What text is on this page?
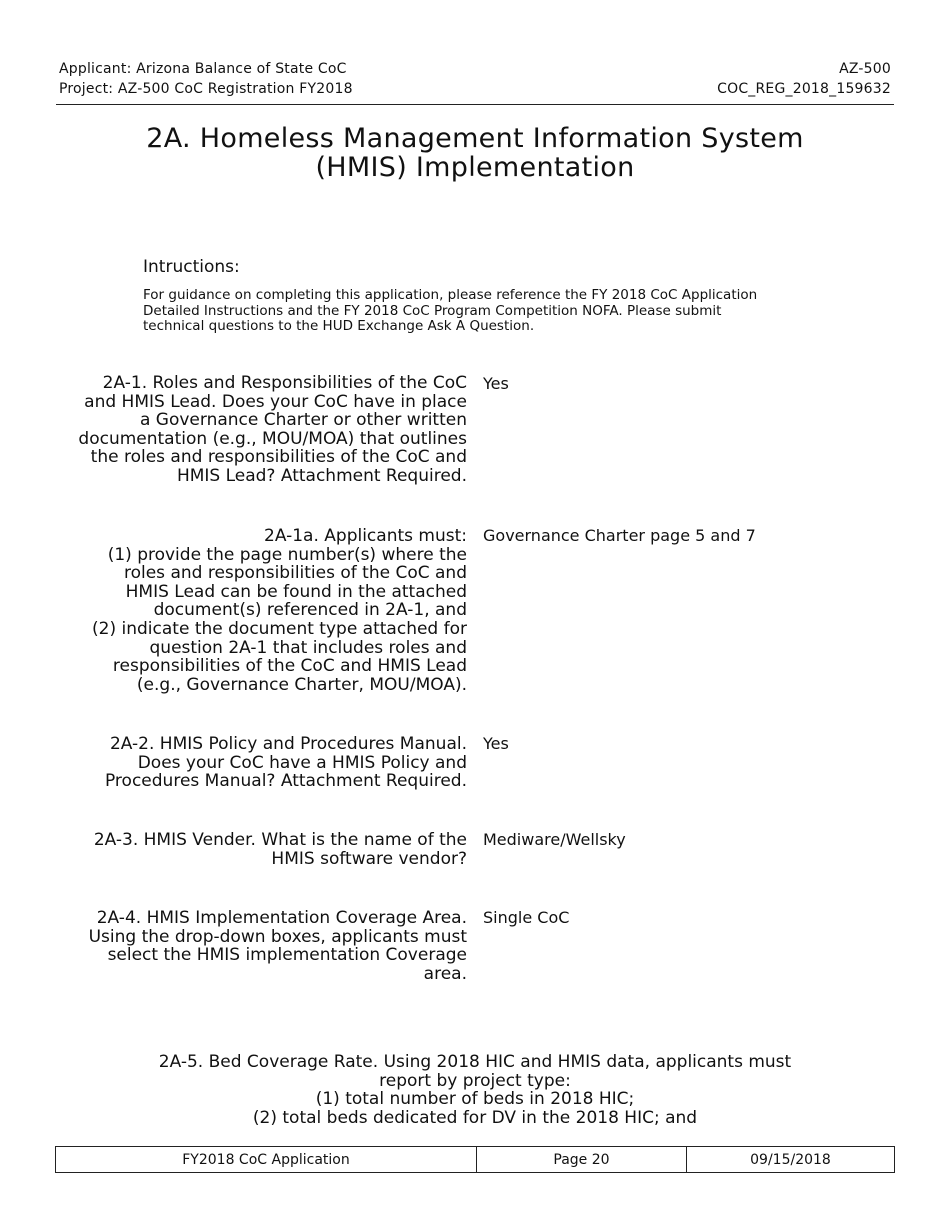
Applicant: Arizona Balance of State CoC
Project: AZ-500 CoC Registration FY2018
AZ-500
COC_REG_2018_159632
2A. Homeless Management Information System
(HMIS) Implementation
Intructions:
For guidance on completing this application, please reference the FY 2018 CoC Application
Detailed Instructions and the FY 2018 CoC Program Competition NOFA. Please submit
technical questions to the HUD Exchange Ask A Question.
2A-1. Roles and Responsibilities of the CoC
and HMIS Lead. Does your CoC have in place
a Governance Charter or other written
documentation (e.g., MOU/MOA) that outlines
the roles and responsibilities of the CoC and
HMIS Lead? Attachment Required.
Yes
2A-1a. Applicants must:
(1) provide the page number(s) where the
roles and responsibilities of the CoC and
HMIS Lead can be found in the attached
document(s) referenced in 2A-1, and
(2) indicate the document type attached for
question 2A-1 that includes roles and
responsibilities of the CoC and HMIS Lead
(e.g., Governance Charter, MOU/MOA).
Governance Charter page 5 and 7
2A-2. HMIS Policy and Procedures Manual.
Does your CoC have a HMIS Policy and
Procedures Manual? Attachment Required.
Yes
2A-3. HMIS Vender. What is the name of the
HMIS software vendor?
Mediware/Wellsky
2A-4. HMIS Implementation Coverage Area.
Using the drop-down boxes, applicants must
select the HMIS implementation Coverage
area.
Single CoC
2A-5. Bed Coverage Rate. Using 2018 HIC and HMIS data, applicants must
report by project type:
(1) total number of beds in 2018 HIC;
(2) total beds dedicated for DV in the 2018 HIC; and
FY2018 CoC Application	Page 20	09/15/2018
